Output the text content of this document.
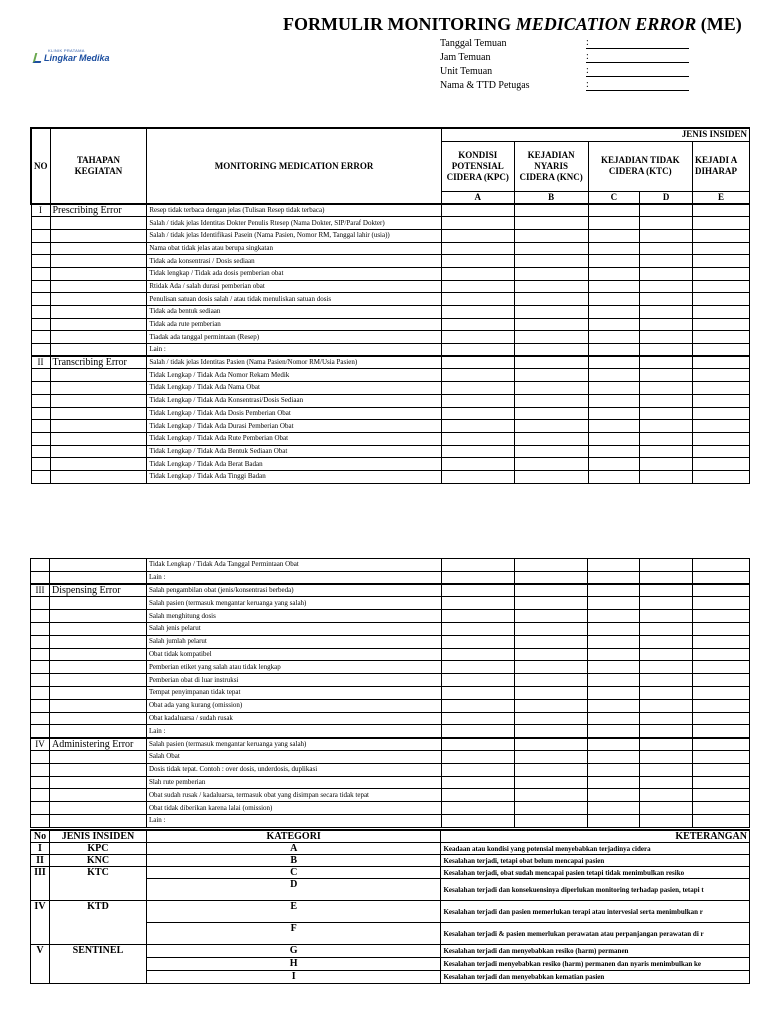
KLINIK PRATAMA
Lingkar Medika
FORMULIR MONITORING MEDICATION ERROR (ME)
Tanggal Temuan	:
Jam Temuan	:
Unit Temuan	:
Nama & TTD Petugas	:
NO	TAHAPAN KEGIATAN	MONITORING MEDICATION ERROR	JENIS INSIDEN				
			KONDISI POTENSIAL CIDERA (KPC)	KEJADIAN NYARIS CIDERA (KNC)	KEJADIAN TIDAK CIDERA (KTC)		KEJADI A DIHARAP
			A	B	C	D	E
I	Prescribing Error	Resep tidak terbaca dengan jelas (Tulisan Resep tidak terbaca)					
		Salah / tidak jelas Identitas Dokter Penulis Rtesep (Nama Dokter, SIP/Paraf Dokter)					
		Salah / tidak jelas Identifikasi Pasein (Nama Pasien, Nomor RM, Tanggal lahir (usia))					
		Nama obat tidak jelas atau berupa singkatan					
		Tidak ada konsentrasi / Dosis sediaan					
		Tidak lengkap / Tidak ada dosis pemberian obat					
		Rtidak Ada / salah durasi pemberian obat					
		Penulisan satuan dosis salah / atau tidak menuliskan satuan dosis					
		Tidak ada bentuk sediaan					
		Tidak ada rute pemberian					
		Tiadak ada tanggal permintaan (Resep)					
		Lain :					
II	Transcribing Error	Salah / tidak jelas Identitas Pasien (Nama Pasien/Nomor RM/Usia Pasien)					
		Tidak Lengkap / Tidak Ada Nomor Rekam Medik					
		Tidak Lengkap / Tidak Ada Nama Obat					
		Tidak Lengkap / Tidak Ada Konsentrasi/Dosis Sediaan					
		Tidak Lengkap / Tidak Ada Dosis Pemberian Obat					
		Tidak Lengkap / Tidak Ada Durasi Pemberian Obat					
		Tidak Lengkap / Tidak Ada Rute Pemberian Obat					
		Tidak Lengkap / Tidak Ada Bentuk Sediaan Obat					
		Tidak Lengkap / Tidak Ada Berat Badan					
		Tidak Lengkap / Tidak Ada Tinggi Badan					
		Tidak Lengkap / Tidak Ada Tanggal Permintaan Obat					
		Lain :					
III	Dispensing Error	Salah pengambilan obat (jenis/konsentrasi berbeda)					
		Salah pasien (termasuk mengantar keruanga yang salah)					
		Salah menghitung dosis					
		Salah jenis pelarut					
		Salah jumlah pelarut					
		Obat tidak kompatibel					
		Pemberian etiket yang salah atau tidak lengkap					
		Pemberian obat di luar instruksi					
		Tempat penyimpanan tidak tepat					
		Obat ada yang kurang (omission)					
		Obat kadaluarsa / sudah rusak					
		Lain :					
IV	Administering Error	Salah pasien (termasuk mengantar keruanga yang salah)					
		Salah Obat					
		Dosis tidak tepat. Contoh : over dosis, underdosis, duplikasi					
		Slah rute pemberian					
		Obat sudah rusak / kadaluarsa, termasuk obat yang disimpan secara tidak tepat					
		Obat tidak diberikan karena lalai (omission)					
		Lain :					
No	JENIS INSIDEN	KATEGORI	KETERANGAN
I	KPC	A	Keadaan atau kondisi yang potensial menyebabkan terjadinya cidera
II	KNC	B	Kesalahan terjadi, tetapi obat belum mencapai pasien
III	KTC	C	Kesalahan terjadi, obat sudah mencapai pasien tetapi tidak menimbulkan resiko
		D	Kesalahan terjadi dan konsekuensinya diperlukan monitoring terhadap pasien, tetapi t
IV	KTD	E	Kesalahan terjadi dan pasien memerlukan terapi atau intervesial serta menimbulkan r
		F	Kesalahan terjadi & pasien memerlukan perawatan atau perpanjangan perawatan di r
V	SENTINEL	G	Kesalahan terjadi dan menyebabkan resiko (harm) permanen
		H	Kesalahan terjadi menyebabkan resiko (harm) permanen dan nyaris menimbulkan ke
		I	Kesalahan terjadi dan menyebabkan kematian pasien
